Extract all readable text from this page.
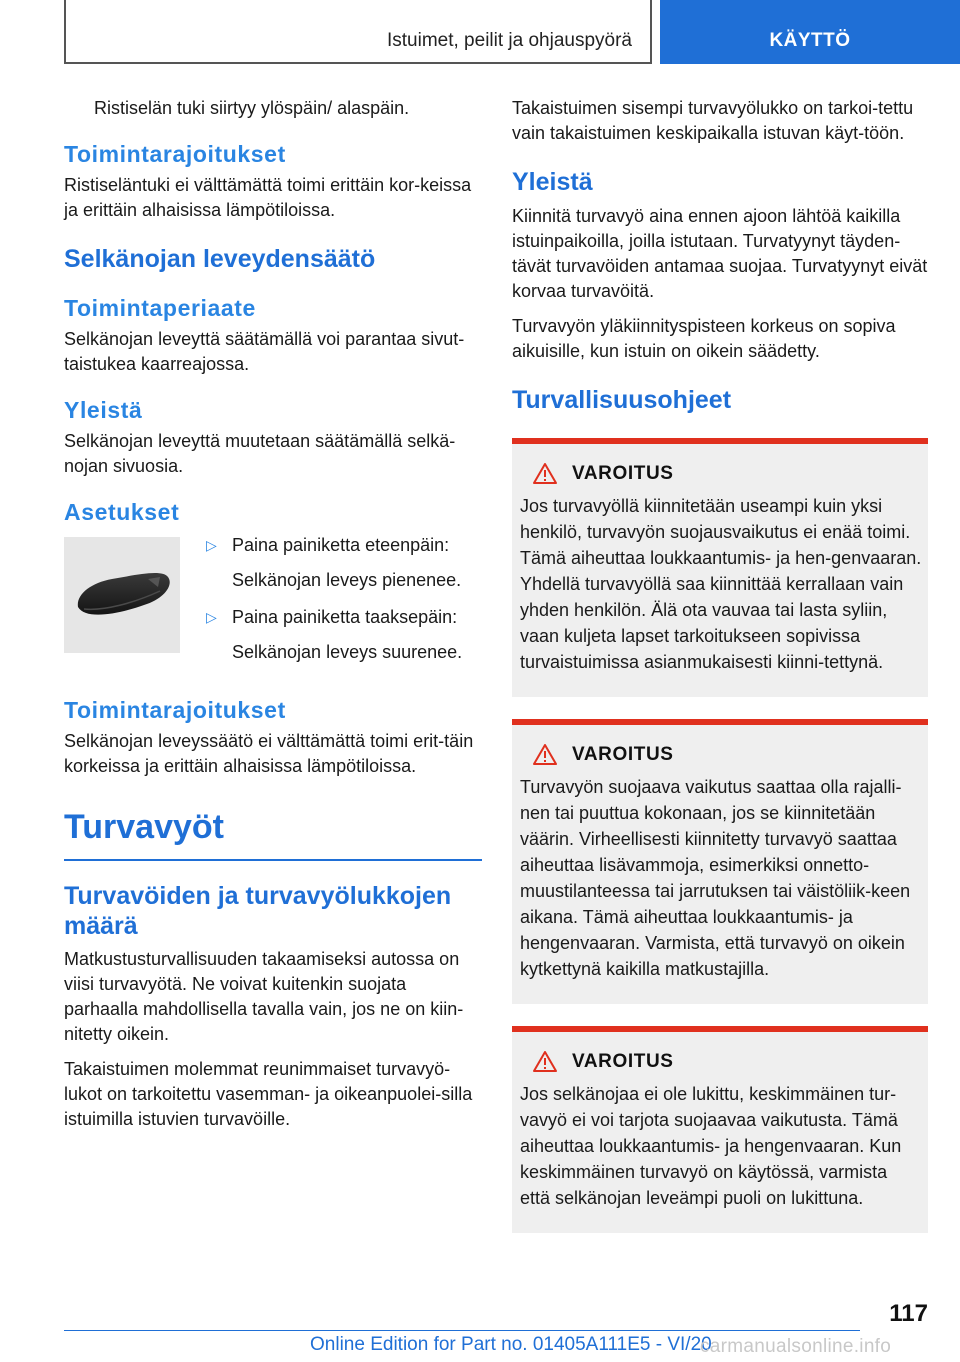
Istuimet, peilit ja ohjauspyörä	KÄYTTÖ

Ristiselän tuki siirtyy ylöspäin/ alaspäin.

Toimintarajoitukset

Ristiseläntuki ei välttämättä toimi erittäin kor-keissa ja erittäin alhaisissa lämpötiloissa.

Selkänojan leveydensäätö
Toimintaperiaate

Selkänojan leveyttä säätämällä voi parantaa sivut-taistukea kaarreajossa.

Yleistä

Selkänojan leveyttä muutetaan säätämällä selkä-nojan sivuosia.

Asetukset
▷ Paina painiketta eteenpäin:
Selkänojan leveys pienenee.
▷ Paina painiketta taaksepäin:
Selkänojan leveys suurenee.
Toimintarajoitukset

Selkänojan leveyssäätö ei välttämättä toimi erit-täin korkeissa ja erittäin alhaisissa lämpötiloissa.

Turvavyöt
Turvavöiden ja turvavyölukkojen määrä

Matkustusturvallisuuden takaamiseksi autossa on viisi turvavyötä. Ne voivat kuitenkin suojata parhaalla mahdollisella tavalla vain, jos ne on kiin-nitetty oikein.

Takaistuimen molemmat reunimmaiset turvavyö-lukot on tarkoitettu vasemman- ja oikeanpuolei-silla istuimilla istuvien turvavöille.

Takaistuimen sisempi turvavyölukko on tarkoi-tettu vain takaistuimen keskipaikalla istuvan käyt-töön.

Yleistä

Kiinnitä turvavyö aina ennen ajoon lähtöä kaikilla istuinpaikoilla, joilla istutaan. Turvatyynyt täyden-tävät turvavöiden antamaa suojaa. Turvatyynyt eivät korvaa turvavöitä.

Turvavyön yläkiinnityspisteen korkeus on sopiva aikuisille, kun istuin on oikein säädetty.

Turvallisuusohjeet
VAROITUS

Jos turvavyöllä kiinnitetään useampi kuin yksi henkilö, turvavyön suojausvaikutus ei enää toimi. Tämä aiheuttaa loukkaantumis- ja hen-genvaaran. Yhdellä turvavyöllä saa kiinnittää kerrallaan vain yhden henkilön. Älä ota vauvaa tai lasta syliin, vaan kuljeta lapset tarkoitukseen sopivissa turvaistuimissa asianmukaisesti kiinni-tettynä.

VAROITUS

Turvavyön suojaava vaikutus saattaa olla rajalli-nen tai puuttua kokonaan, jos se kiinnitetään väärin. Virheellisesti kiinnitetty turvavyö saattaa aiheuttaa lisävammoja, esimerkiksi onnetto-muustilanteessa tai jarrutuksen tai väistöliik-keen aikana. Tämä aiheuttaa loukkaantumis- ja hengenvaaran. Varmista, että turvavyö on oikein kytkettynä kaikilla matkustajilla.

VAROITUS

Jos selkänojaa ei ole lukittu, keskimmäinen tur-vavyö ei voi tarjota suojaavaa vaikutusta. Tämä aiheuttaa loukkaantumis- ja hengenvaaran. Kun keskimmäinen turvavyö on käytössä, varmista että selkänojan leveämpi puoli on lukittuna.

117
Online Edition for Part no. 01405A111E5 - VI/20
carmanualsonline.info
